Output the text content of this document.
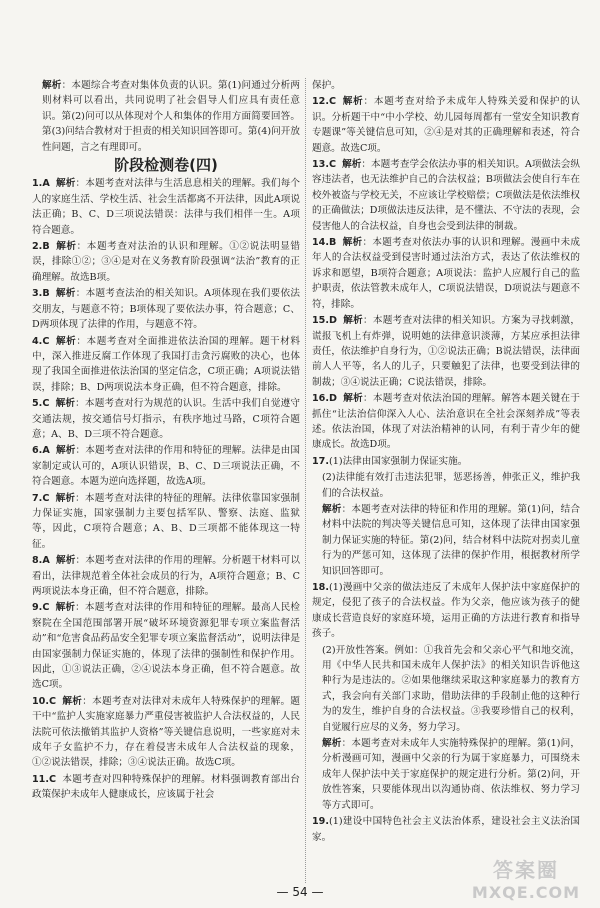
解析：本题综合考查对集体负责的认识。第(1)问通过分析两则材料可以看出，共同说明了社会倡导人们应具有责任意识。第(2)问可以从体现对个人和集体的作用方面简要回答。第(3)问结合教材对于担责的相关知识回答即可。第(4)问开放性问题，言之有理即可。

阶段检测卷(四)

1.A 解析：本题考查对法律与生活息息相关的理解。我们每个人的家庭生活、学校生活、社会生活都离不开法律，因此A项说法正确；B、C、D三项说法错误：法律与我们相伴一生。A项符合题意。

2.B 解析：本题考查对法治的认识和理解。①②说法明显错误，排除①②；③④是对在义务教育阶段强调“法治”教育的正确理解。故选B项。

3.B 解析：本题考查法治的相关知识。A项体现在我们要依法交朋友，与题意不符；B项体现了要依法办事，符合题意；C、D两项体现了法律的作用，与题意不符。

4.C 解析：本题考查对全面推进依法治国的理解。题干材料中，深入推进反腐工作体现了我国打击贪污腐败的决心，也体现了我国全面推进依法治国的坚定信念，C项正确；A项说法错误，排除；B、D两项说法本身正确，但不符合题意，排除。

5.C 解析：本题考查对行为规范的认识。生活中我们自觉遵守交通法规，按交通信号灯指示，有秩序地过马路，C项符合题意；A、B、D三项不符合题意。

6.A 解析：本题考查对法律的作用和特征的理解。法律是由国家制定或认可的，A项认识错误，B、C、D三项说法正确，不符合题意。本题为逆向选择题，故选A项。

7.C 解析：本题考查对法律的特征的理解。法律依靠国家强制力保证实施，国家强制力主要包括军队、警察、法庭、监狱等，因此，C项符合题意；A、B、D三项都不能体现这一特征。

8.A 解析：本题考查对法律的作用的理解。分析题干材料可以看出，法律规范着全体社会成员的行为，A项符合题意；B、C两项说法本身正确，但不符合题意，排除。

9.C 解析：本题考查对法律的作用和特征的理解。最高人民检察院在全国范围部署开展“破坏环境资源犯罪专项立案监督活动”和“危害食品药品安全犯罪专项立案监督活动”，说明法律是由国家强制力保证实施的，体现了法律的强制性和保护作用。因此，①③说法正确，②④说法本身正确，但不符合题意。故选C项。

10.C 解析：本题考查对法律对未成年人特殊保护的理解。题干中“监护人实施家庭暴力严重侵害被监护人合法权益的，人民法院可依法撤销其监护人资格”等关键信息说明，一些家庭对未成年子女监护不力，存在着侵害未成年人合法权益的现象，①②说法错误，排除；③④说法正确。故选C项。

11.C 本题考查对四种特殊保护的理解。材料强调教育部出台政策保护未成年人健康成长，应该属于社会

保护。

12.C 解析：本题考查对给予未成年人特殊关爱和保护的认识。分析题干中“中小学校、幼儿园每周都有一堂安全知识教育专题课”等关键信息可知，②④是对其的正确理解和表述，符合题意。故选C项。

13.C 解析：本题考查学会依法办事的相关知识。A项做法会纵容违法者，也无法维护自己的合法权益；B项做法会使自行车在校外被盗与学校无关，不应该让学校赔偿；C项做法是依法维权的正确做法；D项做法违反法律，是不懂法、不守法的表现，会侵害他人的合法权益，自身也会受到法律的制裁。

14.B 解析：本题考查对依法办事的认识和理解。漫画中未成年人的合法权益受到侵害时通过法治方式，表达了依法维权的诉求和愿望，B项符合题意；A项说法：监护人应履行自己的监护职责，依法管教未成年人，C项说法错误，D项说法与题意不符，排除。

15.D 解析：本题考查对法律的相关知识。方案为寻找刺激，谎报飞机上有炸弹，说明她的法律意识淡薄，方某应承担法律责任，依法维护自身行为，①②说法正确；B说法错误，法律面前人人平等，名人的儿子，只要触犯了法律，也要受到法律的制裁；③④说法正确；C说法错误，排除。

16.D 解析：本题考查对依法治国的理解。解答本题关键在于抓住“让法治信仰深入人心、法治意识在全社会深刻养成”等表述。依法治国，体现了对法治精神的认同，有利于青少年的健康成长。故选D项。

17.(1)法律由国家强制力保证实施。

(2)法律能有效打击违法犯罪，惩恶扬善，伸张正义，维护我们的合法权益。

解析：本题考查对法律的特征和作用的理解。第(1)问，结合材料中法院的判决等关键信息可知，这体现了法律由国家强制力保证实施的特征。第(2)问，结合材料中法院对拐卖儿童行为的严惩可知，这体现了法律的保护作用，根据教材所学知识回答即可。

18.(1)漫画中父亲的做法违反了未成年人保护法中家庭保护的规定，侵犯了孩子的合法权益。作为父亲，他应该为孩子的健康成长营造良好的家庭环境，运用正确的方法进行教育和指导孩子。

(2)开放性答案。例如：①我首先会和父亲心平气和地交流，用《中华人民共和国未成年人保护法》的相关知识告诉他这种行为是违法的。②如果他继续采取这种家庭暴力的教育方式，我会向有关部门求助，借助法律的手段制止他的这种行为的发生，维护自身的合法权益。③我要珍惜自己的权利，自觉履行应尽的义务，努力学习。

解析：本题考查对未成年人实施特殊保护的理解。第(1)问，分析漫画可知，漫画中父亲的行为属于家庭暴力，可围绕未成年人保护法中关于家庭保护的规定进行分析。第(2)问，开放性答案，只要能体现出以沟通协商、依法维权、努力学习等方式即可。

19.(1)建设中国特色社会主义法治体系，建设社会主义法治国家。

— 54 —
答案圈
MXQE.COM
